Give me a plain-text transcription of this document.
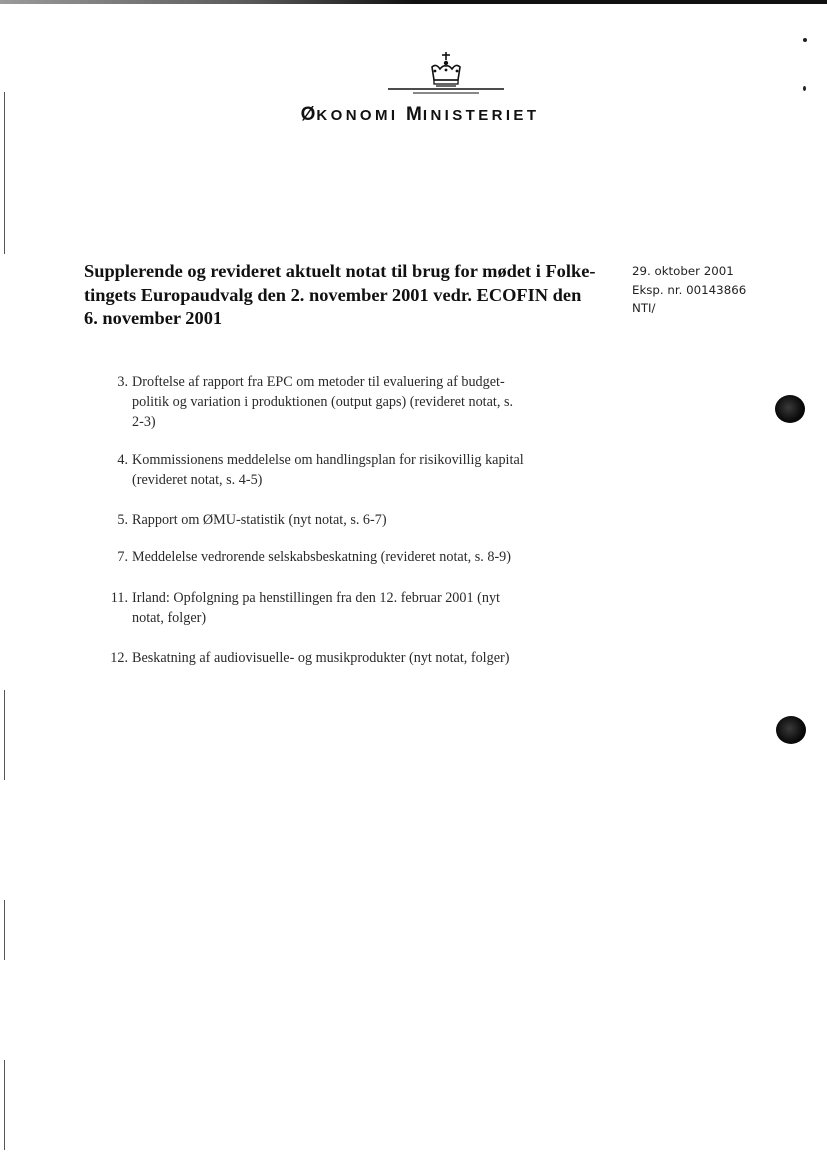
ØKONOMI MINISTERIET
Supplerende og revideret aktuelt notat til brug for mødet i Folke-
tingets Europaudvalg den 2. november 2001 vedr. ECOFIN den
6. november 2001
29. oktober 2001
Eksp. nr. 00143866
NTI/
3. Droftelse af rapport fra EPC om metoder til evaluering af budget-
politik og variation i produktionen (output gaps) (revideret notat, s.
2-3)
4. Kommissionens meddelelse om handlingsplan for risikovillig kapital
(revideret notat, s. 4-5)
5. Rapport om ØMU-statistik (nyt notat, s. 6-7)
7. Meddelelse vedrorende selskabsbeskatning (revideret notat, s. 8-9)
11. Irland: Opfolgning pa henstillingen fra den 12. februar 2001 (nyt
notat, folger)
12. Beskatning af audiovisuelle- og musikprodukter (nyt notat, folger)
